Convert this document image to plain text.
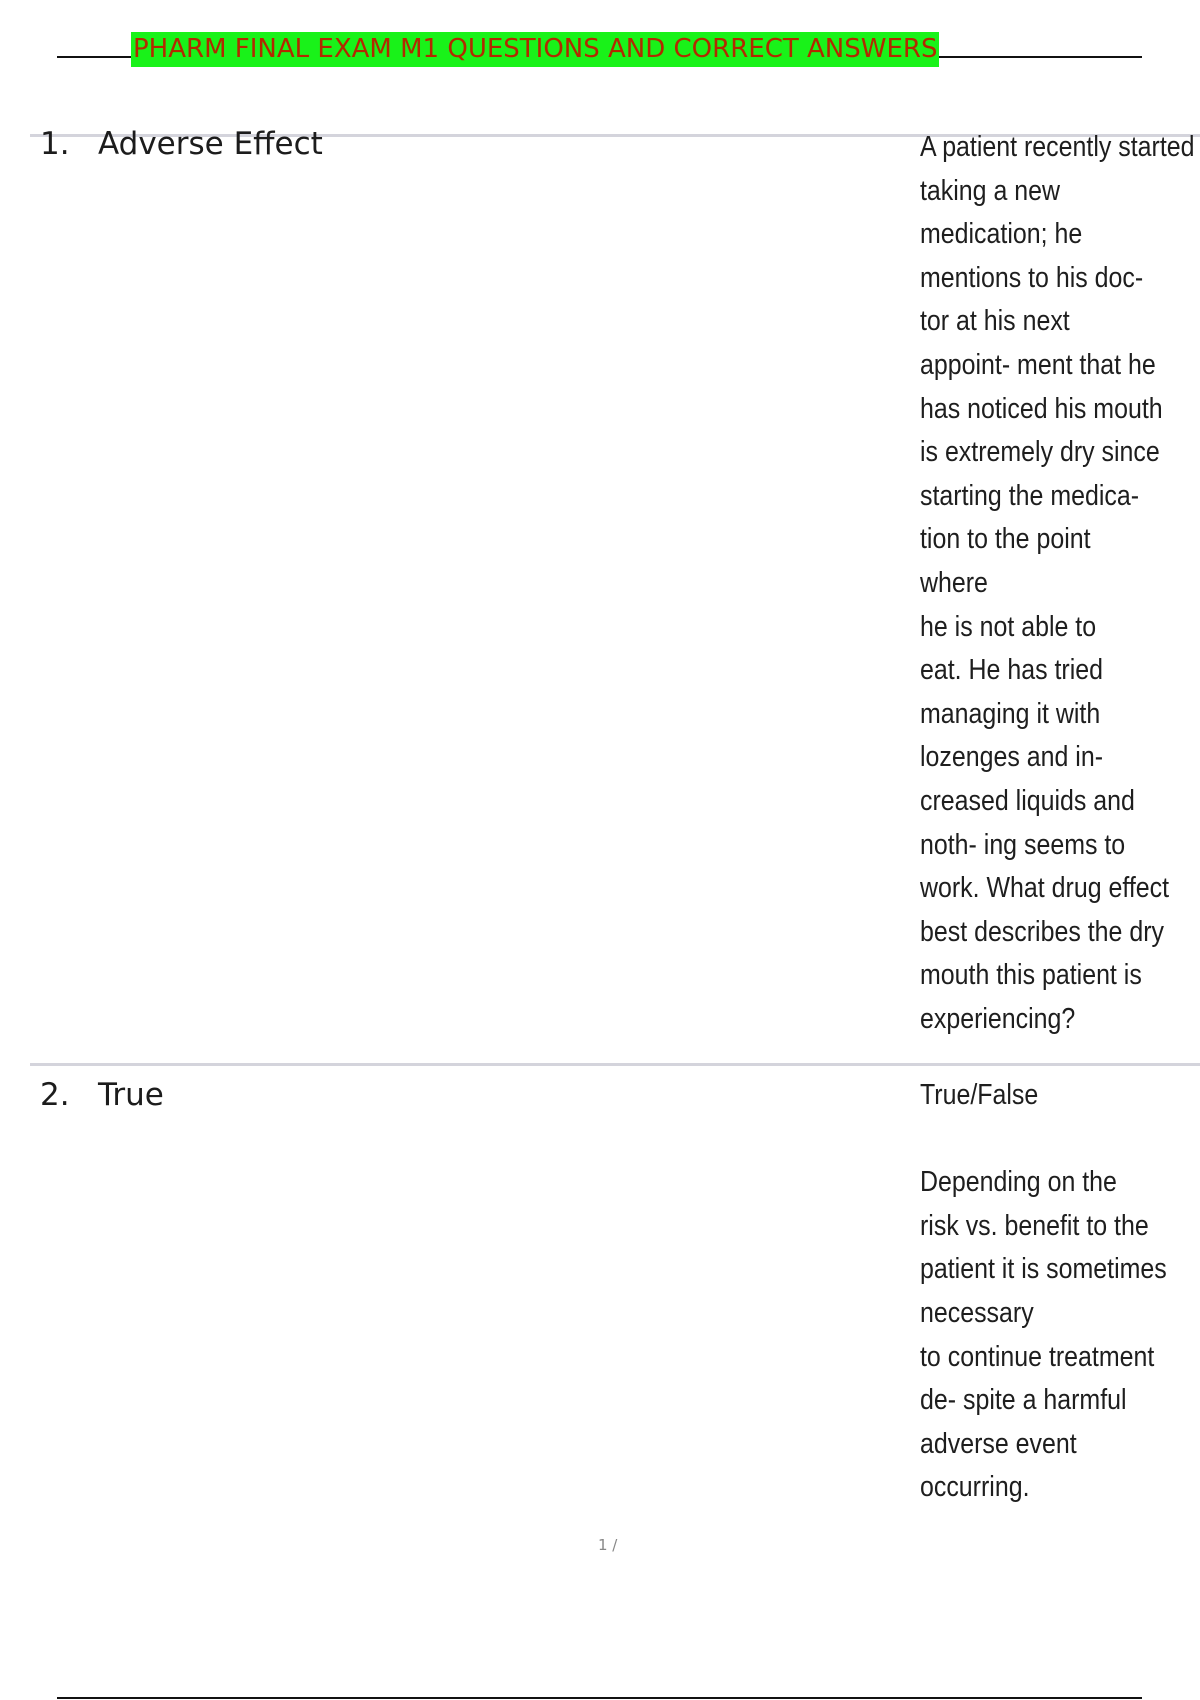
PHARM FINAL EXAM M1 QUESTIONS AND CORRECT ANSWERS
1. Adverse Effect	A patient recently started
taking a new
medication; he
mentions to his doc-
tor at his next
appoint- ment that he
has noticed his mouth
is extremely dry since
starting the medica-
tion to the point
where
he is not able to
eat. He has tried
managing it with
lozenges and in-
creased liquids and
noth- ing seems to
work. What drug effect
best describes the dry
mouth this patient is
experiencing?
2. True	True/False
Depending on the
risk vs. benefit to the
patient it is sometimes
necessary
to continue treatment
de- spite a harmful
adverse event
occurring.
1 /
